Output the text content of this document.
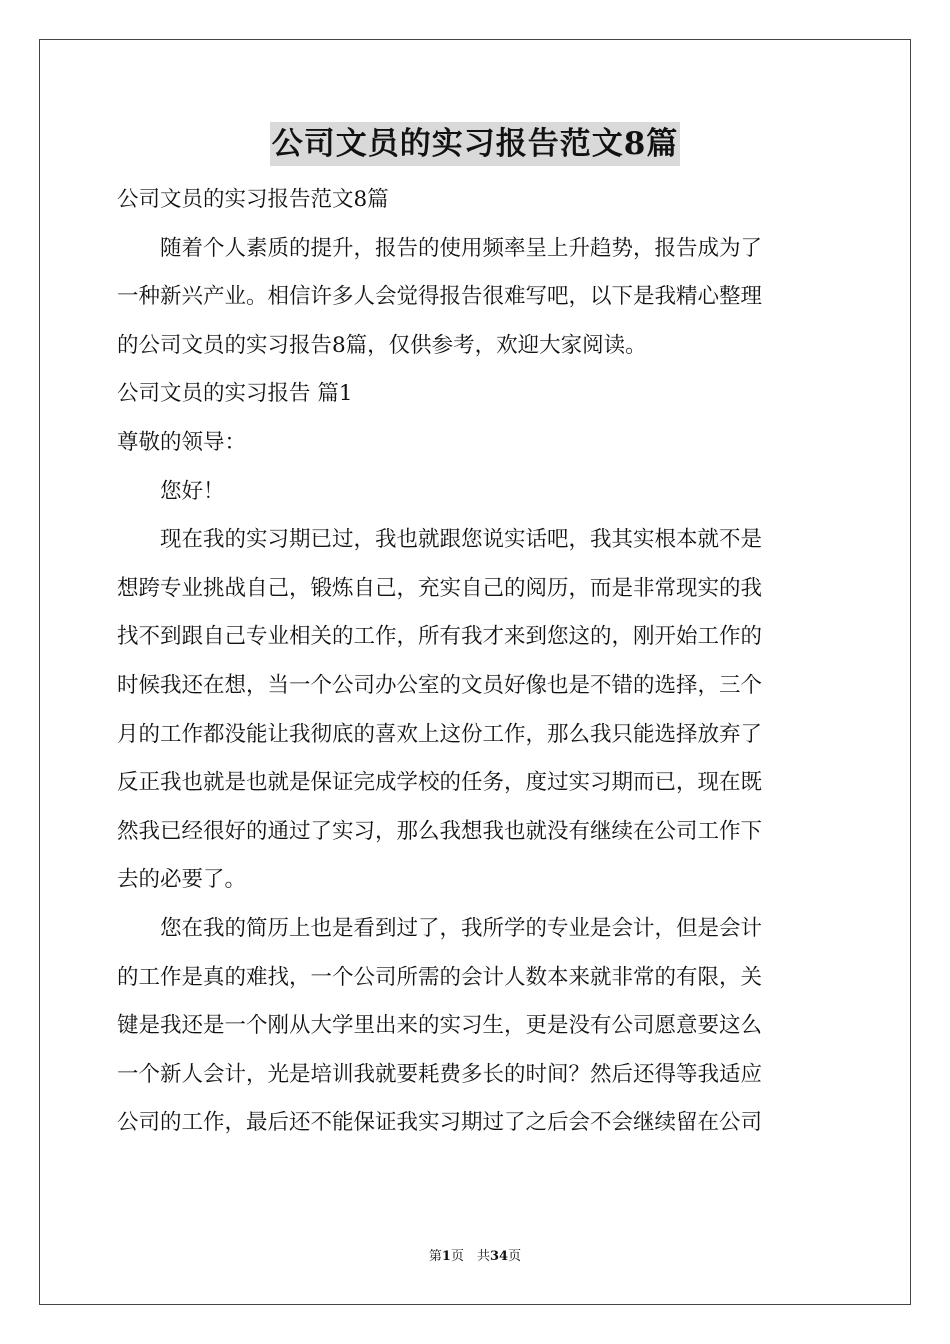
公司文员的实习报告范文8篇
公司文员的实习报告范文8篇
随着个人素质的提升，报告的使用频率呈上升趋势，报告成为了
一种新兴产业。相信许多人会觉得报告很难写吧，以下是我精心整理
的公司文员的实习报告8篇，仅供参考，欢迎大家阅读。
公司文员的实习报告 篇1
尊敬的领导：
您好！
现在我的实习期已过，我也就跟您说实话吧，我其实根本就不是
想跨专业挑战自己，锻炼自己，充实自己的阅历，而是非常现实的我
找不到跟自己专业相关的工作，所有我才来到您这的，刚开始工作的
时候我还在想，当一个公司办公室的文员好像也是不错的选择，三个
月的工作都没能让我彻底的喜欢上这份工作，那么我只能选择放弃了
反正我也就是也就是保证完成学校的任务，度过实习期而已，现在既
然我已经很好的通过了实习，那么我想我也就没有继续在公司工作下
去的必要了。
您在我的简历上也是看到过了，我所学的专业是会计，但是会计
的工作是真的难找，一个公司所需的会计人数本来就非常的有限，关
键是我还是一个刚从大学里出来的实习生，更是没有公司愿意要这么
一个新人会计，光是培训我就要耗费多长的时间？然后还得等我适应
公司的工作，最后还不能保证我实习期过了之后会不会继续留在公司
第1页　共34页
